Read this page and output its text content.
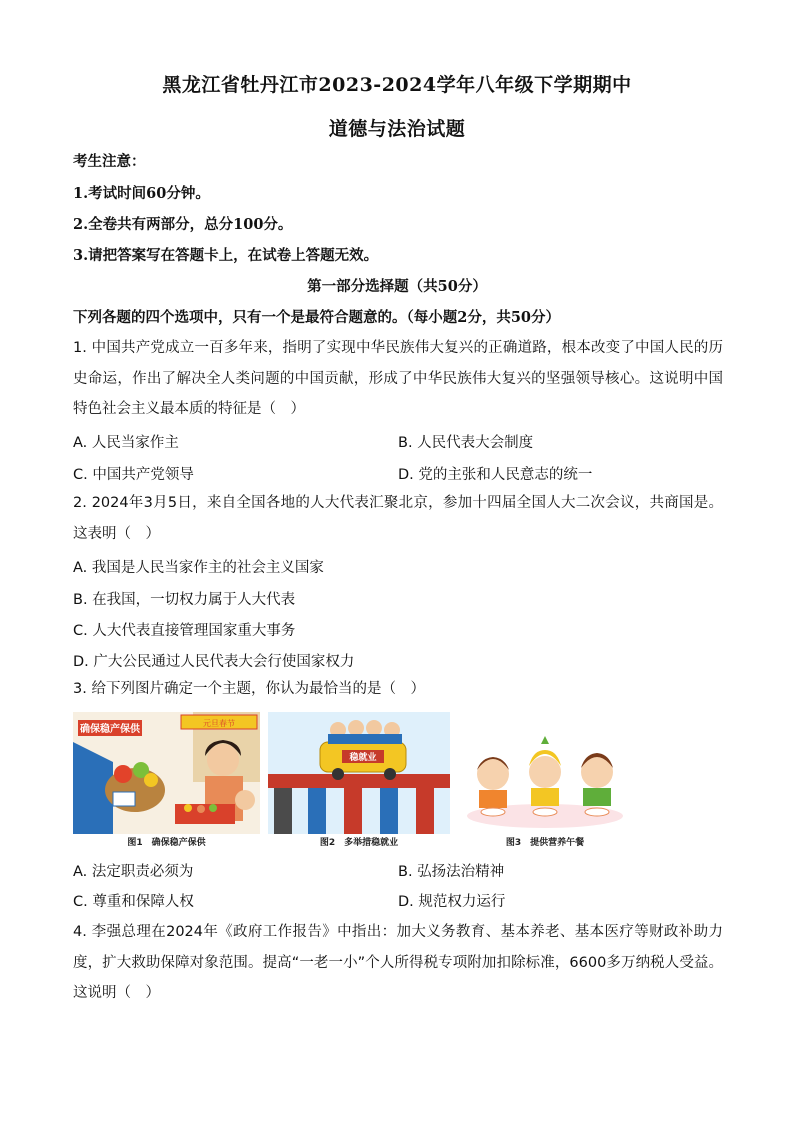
黑龙江省牡丹江市2023-2024学年八年级下学期期中
道德与法治试题
考生注意：
1.考试时间60分钟。
2.全卷共有两部分，总分100分。
3.请把答案写在答题卡上，在试卷上答题无效。
第一部分选择题（共50分）
下列各题的四个选项中，只有一个是最符合题意的。（每小题2分，共50分）
1. 中国共产党成立一百多年来，指明了实现中华民族伟大复兴的正确道路，根本改变了中国人民的历史命运，作出了解决全人类问题的中国贡献，形成了中华民族伟大复兴的坚强领导核心。这说明中国特色社会主义最本质的特征是（　）
A. 人民当家作主	B. 人民代表大会制度
C. 中国共产党领导	D. 党的主张和人民意志的统一
2. 2024年3月5日，来自全国各地的人大代表汇聚北京，参加十四届全国人大二次会议，共商国是。这表明（　）
A. 我国是人民当家作主的社会主义国家
B. 在我国，一切权力属于人大代表
C. 人大代表直接管理国家重大事务
D. 广大公民通过人民代表大会行使国家权力
3. 给下列图片确定一个主题，你认为最恰当的是（　）
确保稳产保供
元旦春节
图1　确保稳产保供
稳就业
图2　多举措稳就业	图3　提供营养午餐
A. 法定职责必须为	B. 弘扬法治精神
C. 尊重和保障人权	D. 规范权力运行
4. 李强总理在2024年《政府工作报告》中指出：加大义务教育、基本养老、基本医疗等财政补助力度，扩大救助保障对象范围。提高“一老一小”个人所得税专项附加扣除标准，6600多万纳税人受益。这说明（　）
